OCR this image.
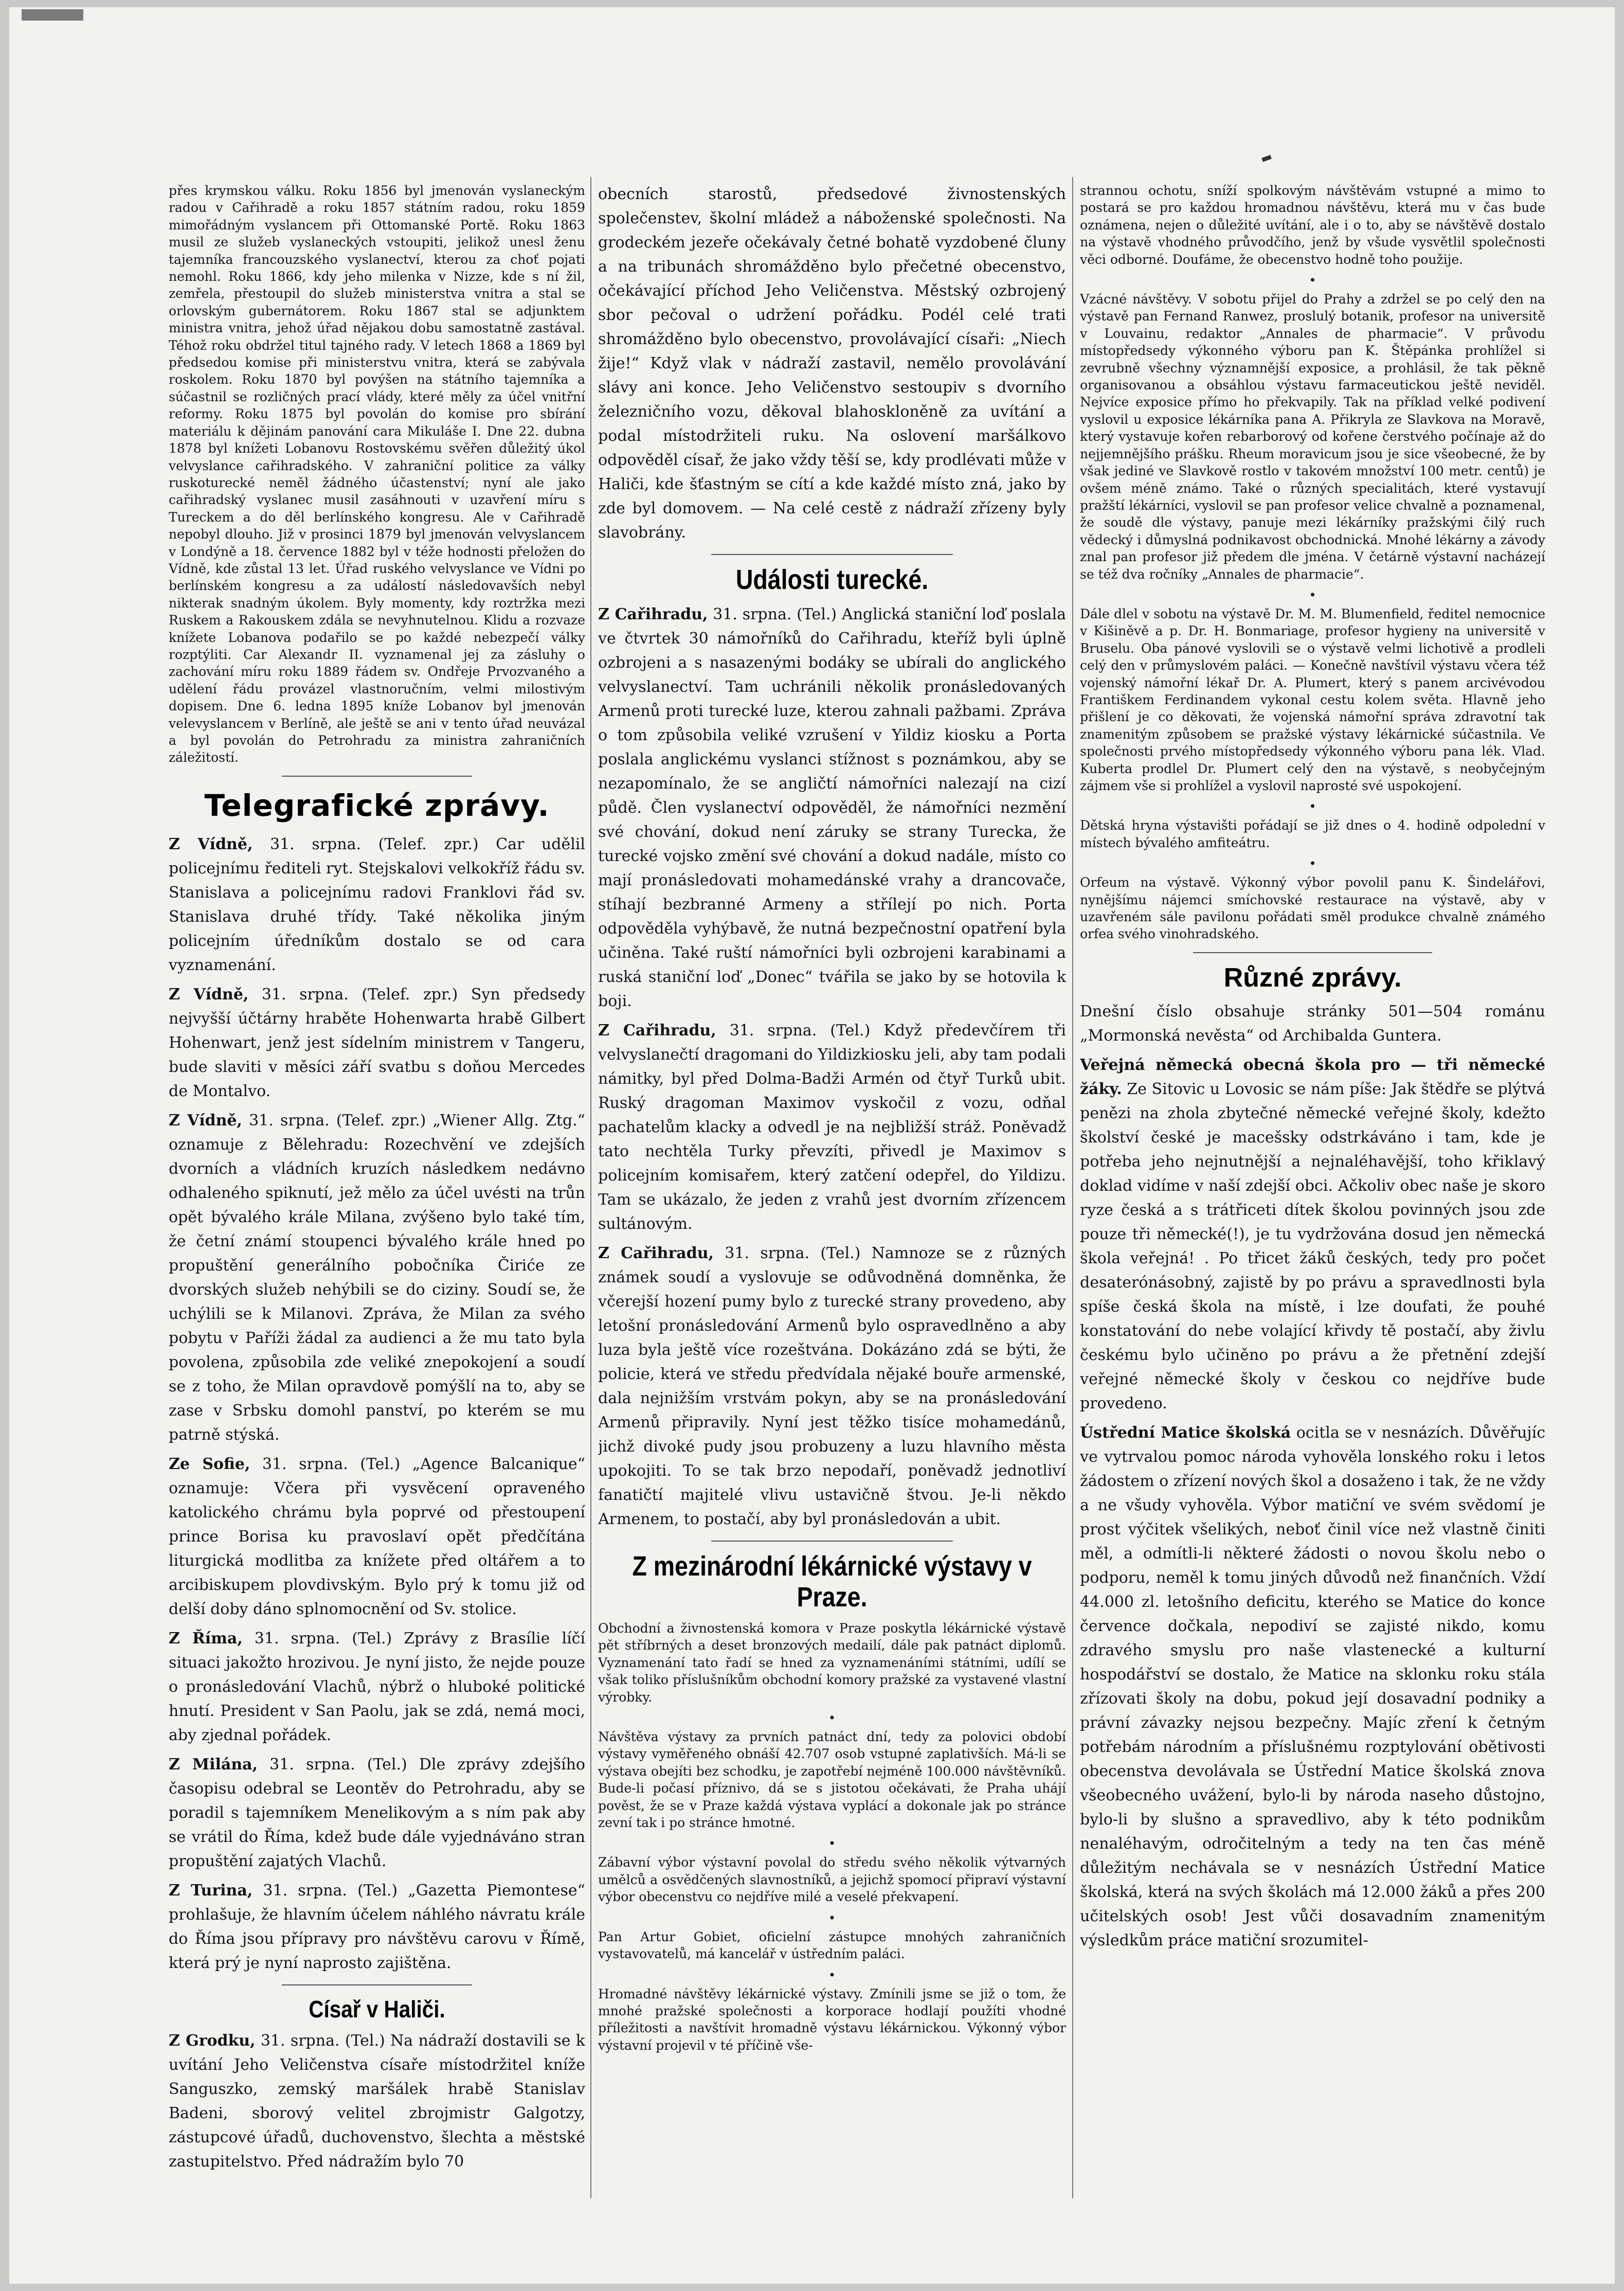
přes krymskou válku. Roku 1856 byl jmenován vyslaneckým radou v Cařihradě a roku 1857 státním radou, roku 1859 mimořádným vyslancem při Ottomanské Portě. Roku 1863 musil ze služeb vyslaneckých vstoupiti, jelikož unesl ženu tajemníka francouzského vyslanectví, kterou za choť pojati nemohl. Roku 1866, kdy jeho milenka v Nizze, kde s ní žil, zemřela, přestoupil do služeb ministerstva vnitra a stal se orlovským gubernátorem. Roku 1867 stal se adjunktem ministra vnitra, jehož úřad nějakou dobu samostatně zastával. Téhož roku obdržel titul tajného rady. V letech 1868 a 1869 byl předsedou komise při ministerstvu vnitra, která se zabývala roskolem. Roku 1870 byl povýšen na státního tajemníka a súčastnil se rozličných prací vlády, které měly za účel vnitřní reformy. Roku 1875 byl povolán do komise pro sbírání materiálu k dějinám panování cara Mikuláše I. Dne 22. dubna 1878 byl knížeti Lobanovu Rostovskému svěřen důležitý úkol velvyslance cařihradského. V zahraniční politice za války ruskoturecké neměl žádného účastenství; nyní ale jako cařihradský vyslanec musil zasáhnouti v uzavření míru s Tureckem a do děl berlínského kongresu. Ale v Cařihradě nepobyl dlouho. Již v prosinci 1879 byl jmenován velvyslancem v Londýně a 18. července 1882 byl v téže hodnosti přeložen do Vídně, kde zůstal 13 let. Úřad ruského velvyslance ve Vídni po berlínském kongresu a za událostí následovavších nebyl nikterak snadným úkolem. Byly momenty, kdy roztržka mezi Ruskem a Rakouskem zdála se nevyhnutelnou. Klidu a rozvaze knížete Lobanova podařilo se po každé nebezpečí války rozptýliti. Car Alexandr II. vyznamenal jej za zásluhy o zachování míru roku 1889 řádem sv. Ondřeje Prvozvaného a udělení řádu provázel vlastnoručním, velmi milostivým dopisem. Dne 6. ledna 1895 kníže Lobanov byl jmenován velevyslancem v Berlíně, ale ještě se ani v tento úřad neuvázal a byl povolán do Petrohradu za ministra zahraničních záležitostí.

Telegrafické zprávy.

Z Vídně, 31. srpna. (Telef. zpr.) Car udělil policejnímu řediteli ryt. Stejskalovi velkokříž řádu sv. Stanislava a policejnímu radovi Franklovi řád sv. Stanislava druhé třídy. Také několika jiným policejním úředníkům dostalo se od cara vyznamenání.

Z Vídně, 31. srpna. (Telef. zpr.) Syn předsedy nejvyšší účtárny hraběte Hohenwarta hrabě Gilbert Hohenwart, jenž jest sídelním ministrem v Tangeru, bude slaviti v měsíci září svatbu s doňou Mercedes de Montalvo.

Z Vídně, 31. srpna. (Telef. zpr.) „Wiener Allg. Ztg.“ oznamuje z Bělehradu: Rozechvění ve zdejších dvorních a vládních kruzích následkem nedávno odhaleného spiknutí, jež mělo za účel uvésti na trůn opět bývalého krále Milana, zvýšeno bylo také tím, že četní známí stoupenci bývalého krále hned po propuštění generálního pobočníka Čiriće ze dvorských služeb nehýbili se do ciziny. Soudí se, že uchýlili se k Milanovi. Zpráva, že Milan za svého pobytu v Paříži žádal za audienci a že mu tato byla povolena, způsobila zde veliké znepokojení a soudí se z toho, že Milan opravdově pomýšlí na to, aby se zase v Srbsku domohl panství, po kterém se mu patrně stýská.

Ze Sofie, 31. srpna. (Tel.) „Agence Balcanique“ oznamuje: Včera při vysvěcení opraveného katolického chrámu byla poprvé od přestoupení prince Borisa ku pravoslaví opět předčítána liturgická modlitba za knížete před oltářem a to arcibiskupem plovdivským. Bylo prý k tomu již od delší doby dáno splnomocnění od Sv. stolice.

Z Říma, 31. srpna. (Tel.) Zprávy z Brasílie líčí situaci jakožto hrozivou. Je nyní jisto, že nejde pouze o pronásledování Vlachů, nýbrž o hluboké politické hnutí. President v San Paolu, jak se zdá, nemá moci, aby zjednal pořádek.

Z Milána, 31. srpna. (Tel.) Dle zprávy zdejšího časopisu odebral se Leontěv do Petrohradu, aby se poradil s tajemníkem Menelikovým a s ním pak aby se vrátil do Říma, kdež bude dále vyjednáváno stran propuštění zajatých Vlachů.

Z Turina, 31. srpna. (Tel.) „Gazetta Piemontese“ prohlašuje, že hlavním účelem náhlého návratu krále do Říma jsou přípravy pro návštěvu carovu v Římě, která prý je nyní naprosto zajištěna.

Císař v Haliči.

Z Grodku, 31. srpna. (Tel.) Na nádraží dostavili se k uvítání Jeho Veličenstva císaře místodržitel kníže Sanguszko, zemský maršálek hrabě Stanislav Badeni, sborový velitel zbrojmistr Galgotzy, zástupcové úřadů, duchovenstvo, šlechta a městské zastupitelstvo. Před nádražím bylo 70

obecních starostů, předsedové živnostenských společenstev, školní mládež a náboženské společnosti. Na grodeckém jezeře očekávaly četné bohatě vyzdobené čluny a na tribunách shromážděno bylo přečetné obecenstvo, očekávající příchod Jeho Veličenstva. Městský ozbrojený sbor pečoval o udržení pořádku. Podél celé trati shromážděno bylo obecenstvo, provolávající císaři: „Niech žije!“ Když vlak v nádraží zastavil, nemělo provolávání slávy ani konce. Jeho Veličenstvo sestoupiv s dvorního železničního vozu, děkoval blahoskloněně za uvítání a podal místodržiteli ruku. Na oslovení maršálkovo odpověděl císař, že jako vždy těší se, kdy prodlévati může v Haliči, kde šťastným se cítí a kde každé místo zná, jako by zde byl domovem. — Na celé cestě z nádraží zřízeny byly slavobrány.

Události turecké.

Z Cařihradu, 31. srpna. (Tel.) Anglická staniční loď poslala ve čtvrtek 30 námořníků do Cařihradu, kteříž byli úplně ozbrojeni a s nasazenými bodáky se ubírali do anglického velvyslanectví. Tam uchránili několik pronásledovaných Armenů proti turecké luze, kterou zahnali pažbami. Zpráva o tom způsobila veliké vzrušení v Yildiz kiosku a Porta poslala anglickému vyslanci stížnost s poznámkou, aby se nezapomínalo, že se angličtí námořníci nalezají na cizí půdě. Člen vyslanectví odpověděl, že námořníci nezmění své chování, dokud není záruky se strany Turecka, že turecké vojsko změní své chování a dokud nadále, místo co mají pronásledovati mohamedánské vrahy a drancovače, stíhají bezbranné Armeny a střílejí po nich. Porta odpověděla vyhýbavě, že nutná bezpečnostní opatření byla učiněna. Také ruští námořníci byli ozbrojeni karabinami a ruská staniční loď „Donec“ tvářila se jako by se hotovila k boji.

Z Cařihradu, 31. srpna. (Tel.) Když předevčírem tři velvyslanečtí dragomani do Yildizkiosku jeli, aby tam podali námitky, byl před Dolma-Badži Armén od čtyř Turků ubit. Ruský dragoman Maximov vyskočil z vozu, odňal pachatelům klacky a odvedl je na nejbližší stráž. Poněvadž tato nechtěla Turky převzíti, přivedl je Maximov s policejním komisařem, který zatčení odepřel, do Yildizu. Tam se ukázalo, že jeden z vrahů jest dvorním zřízencem sultánovým.

Z Cařihradu, 31. srpna. (Tel.) Namnoze se z různých známek soudí a vyslovuje se odůvodněná domněnka, že včerejší hození pumy bylo z turecké strany provedeno, aby letošní pronásledování Armenů bylo ospravedlněno a aby luza byla ještě více rozeštvána. Dokázáno zdá se býti, že policie, která ve středu předvídala nějaké bouře armenské, dala nejnižším vrstvám pokyn, aby se na pronásledování Armenů připravily. Nyní jest těžko tisíce mohamedánů, jichž divoké pudy jsou probuzeny a luzu hlavního města upokojiti. To se tak brzo nepodaří, poněvadž jednotliví fanatičtí majitelé vlivu ustavičně štvou. Je-li někdo Armenem, to postačí, aby byl pronásledován a ubit.

Z mezinárodní lékárnické výstavy v Praze.

Obchodní a živnostenská komora v Praze poskytla lékárnické výstavě pět stříbrných a deset bronzových medailí, dále pak patnáct diplomů. Vyznamenání tato řadí se hned za vyznamenáními státními, udílí se však toliko příslušníkům obchodní komory pražské za vystavené vlastní výrobky.

•

Návštěva výstavy za prvních patnáct dní, tedy za polovici období výstavy vyměřeného obnáší 42.707 osob vstupné zaplativších. Má-li se výstava obejíti bez schodku, je zapotřebí nejméně 100.000 návštěvníků. Bude-li počasí příznivo, dá se s jistotou očekávati, že Praha uhájí pověst, že se v Praze každá výstava vyplácí a dokonale jak po stránce zevní tak i po stránce hmotné.

•

Zábavní výbor výstavní povolal do středu svého několik výtvarných umělců a osvědčených slavnostníků, a jejichž spomocí připraví výstavní výbor obecenstvu co nejdříve milé a veselé překvapení.

•

Pan Artur Gobiet, oficielní zástupce mnohých zahraničních vystavovatelů, má kancelář v ústředním paláci.

•

Hromadné návštěvy lékárnické výstavy. Zmínili jsme se již o tom, že mnohé pražské společnosti a korporace hodlají použíti vhodné příležitosti a navštívit hromadně výstavu lékárnickou. Výkonný výbor výstavní projevil v té příčině vše-

strannou ochotu, sníží spolkovým návštěvám vstupné a mimo to postará se pro každou hromadnou návštěvu, která mu v čas bude oznámena, nejen o důležité uvítání, ale i o to, aby se návštěvě dostalo na výstavě vhodného průvodčího, jenž by všude vysvětlil společnosti věci odborné. Doufáme, že obecenstvo hodně toho použije.

•

Vzácné návštěvy. V sobotu přijel do Prahy a zdržel se po celý den na výstavě pan Fernand Ranwez, proslulý botanik, profesor na universitě v Louvainu, redaktor „Annales de pharmacie“. V průvodu místopředsedy výkonného výboru pan K. Štěpánka prohlížel si zevrubně všechny významnější exposice, a prohlásil, že tak pěkně organisovanou a obsáhlou výstavu farmaceutickou ještě neviděl. Nejvíce exposice přímo ho překvapily. Tak na příklad velké podivení vyslovil u exposice lékárníka pana A. Přikryla ze Slavkova na Moravě, který vystavuje kořen rebarborový od kořene čerstvého počínaje až do nejjemnějšího prášku. Rheum moravicum jsou je sice všeobecné, že by však jediné ve Slavkově rostlo v takovém množství 100 metr. centů) je ovšem méně známo. Také o různých specialitách, které vystavují pražští lékárníci, vyslovil se pan profesor velice chvalně a poznamenal, že soudě dle výstavy, panuje mezi lékárníky pražskými čilý ruch vědecký i důmyslná podnikavost obchodnická. Mnohé lékárny a závody znal pan profesor již předem dle jména. V četárně výstavní nacházejí se též dva ročníky „Annales de pharmacie“.

•

Dále dlel v sobotu na výstavě Dr. M. M. Blumenfield, ředitel nemocnice v Kišiněvě a p. Dr. H. Bonmariage, profesor hygieny na universitě v Bruselu. Oba pánové vyslovili se o výstavě velmi lichotivě a prodleli celý den v průmyslovém paláci. — Konečně navštívil výstavu včera též vojenský námořní lékař Dr. A. Plumert, který s panem arcivévodou Františkem Ferdinandem vykonal cestu kolem světa. Hlavně jeho přišlení je co děkovati, že vojenská námořní správa zdravotní tak znamenitým způsobem se pražské výstavy lékárnické súčastnila. Ve společnosti prvého místopředsedy výkonného výboru pana lék. Vlad. Kuberta prodlel Dr. Plumert celý den na výstavě, s neobyčejným zájmem vše si prohlížel a vyslovil naprosté své uspokojení.

•

Dětská hryna výstavišti pořádají se již dnes o 4. hodině odpolední v místech bývalého amfiteátru.

•

Orfeum na výstavě. Výkonný výbor povolil panu K. Šindelářovi, nynějšímu nájemci smíchovské restaurace na výstavě, aby v uzavřeném sále pavilonu pořádati směl produkce chvalně známého orfea svého vinohradského.

Různé zprávy.

Dnešní číslo obsahuje stránky 501—504 románu „Mormonská nevěsta“ od Archibalda Guntera.

Veřejná německá obecná škola pro — tři německé žáky. Ze Sitovic u Lovosic se nám píše: Jak štědře se plýtvá penězi na zhola zbytečné německé veřejné školy, kdežto školství české je macešsky odstrkáváno i tam, kde je potřeba jeho nejnutnější a nejnaléhavější, toho křiklavý doklad vidíme v naší zdejší obci. Ačkoliv obec naše je skoro ryze česká a s trátřiceti dítek školou povinných jsou zde pouze tři německé(!), je tu vydržována dosud jen německá škola veřejná! . Po třicet žáků českých, tedy pro počet desaterónásobný, zajistě by po právu a spravedlnosti byla spíše česká škola na místě, i lze doufati, že pouhé konstatování do nebe volající křivdy tě postačí, aby živlu českému bylo učiněno po právu a že přetnění zdejší veřejné německé školy v českou co nejdříve bude provedeno.

Ústřední Matice školská ocitla se v nesnázích. Důvěřujíc ve vytrvalou pomoc národa vyhověla lonského roku i letos žádostem o zřízení nových škol a dosaženo i tak, že ne vždy a ne všudy vyhověla. Výbor matiční ve svém svědomí je prost výčitek všelikých, neboť činil více než vlastně činiti měl, a odmítli-li některé žádosti o novou školu nebo o podporu, neměl k tomu jiných důvodů než finančních. Vždí 44.000 zl. letošního deficitu, kterého se Matice do konce července dočkala, nepodiví se zajisté nikdo, komu zdravého smyslu pro naše vlastenecké a kulturní hospodářství se dostalo, že Matice na sklonku roku stála zřízovati školy na dobu, pokud její dosavadní podniky a právní závazky nejsou bezpečny. Majíc zření k četným potřebám národním a příslušnému rozptylování obětivosti obecenstva devolávala se Ústřední Matice školská znova všeobecného uvážení, bylo-li by národa naseho důstojno, bylo-li by slušno a spravedlivo, aby k této podnikům nenaléhavým, odročitelným a tedy na ten čas méně důležitým nechávala se v nesnázích Ústřední Matice školská, která na svých školách má 12.000 žáků a přes 200 učitelských osob! Jest vůči dosavadním znamenitým výsledkům práce matiční srozumitel-
